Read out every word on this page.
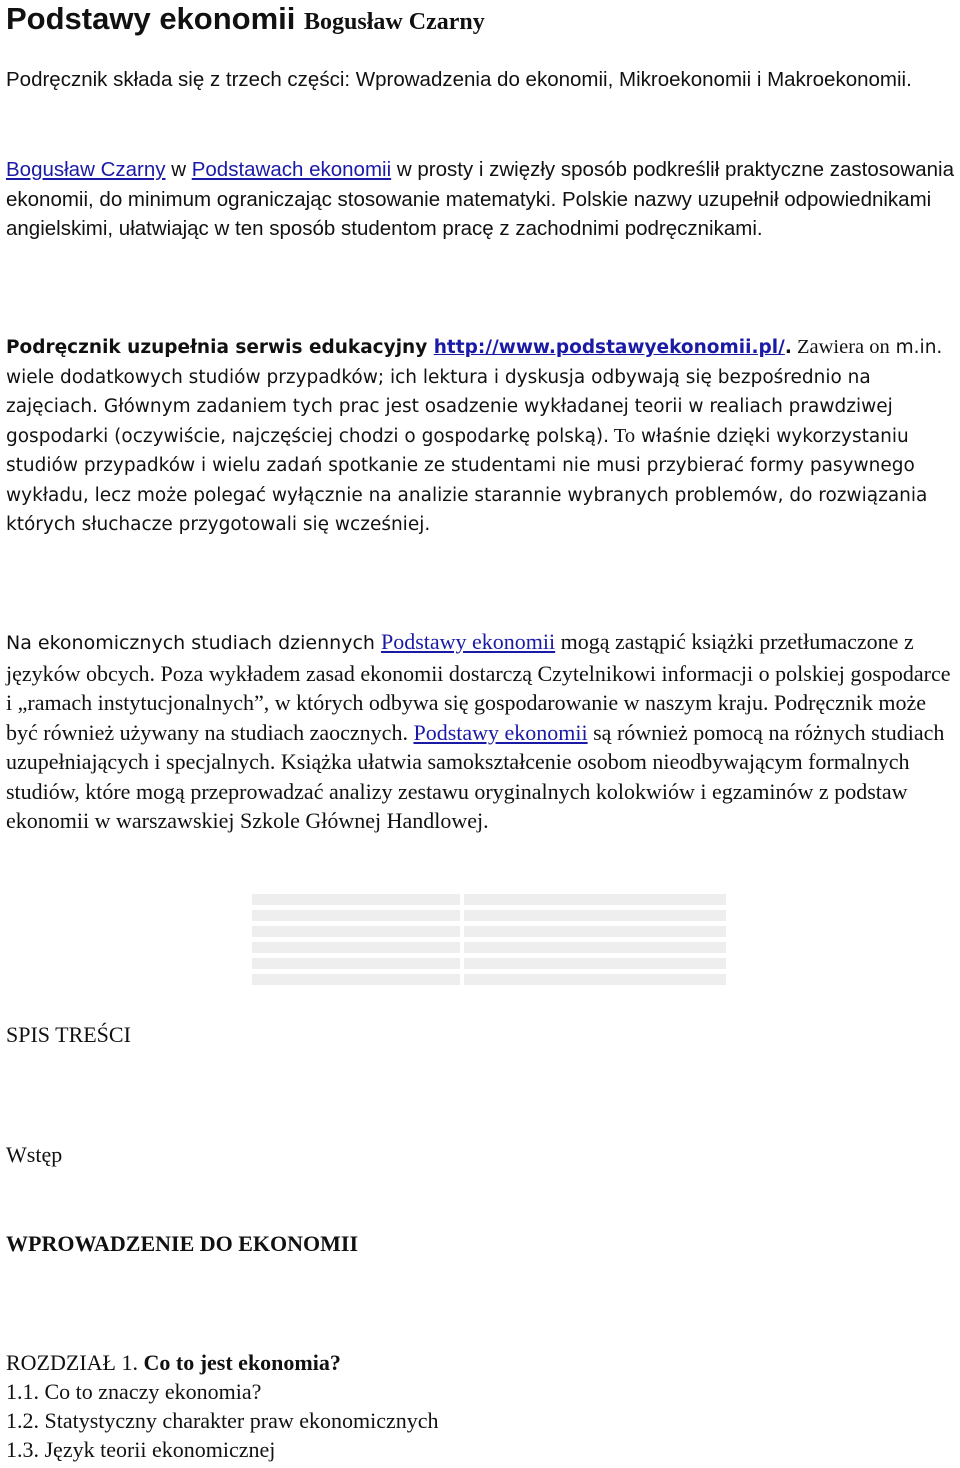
Podstawy ekonomii Bogusław Czarny

Podręcznik składa się z trzech części: Wprowadzenia do ekonomii, Mikroekonomii i Makroekonomii.

Bogusław Czarny w Podstawach ekonomii w prosty i zwięzły sposób podkreślił praktyczne zastosowania ekonomii, do minimum ograniczając stosowanie matematyki. Polskie nazwy uzupełnił odpowiednikami angielskimi, ułatwiając w ten sposób studentom pracę z zachodnimi podręcznikami.

Podręcznik uzupełnia serwis edukacyjny http://www.podstawyekonomii.pl/. Zawiera on m.in. wiele dodatkowych studiów przypadków; ich lektura i dyskusja odbywają się bezpośrednio na zajęciach. Głównym zadaniem tych prac jest osadzenie wykładanej teorii w realiach prawdziwej gospodarki (oczywiście, najczęściej chodzi o gospodarkę polską). To właśnie dzięki wykorzystaniu studiów przypadków i wielu zadań spotkanie ze studentami nie musi przybierać formy pasywnego wykładu, lecz może polegać wyłącznie na analizie starannie wybranych problemów, do rozwiązania których słuchacze przygotowali się wcześniej.

Na ekonomicznych studiach dziennych Podstawy ekonomii mogą zastąpić książki przetłumaczone z języków obcych. Poza wykładem zasad ekonomii dostarczą Czytelnikowi informacji o polskiej gospodarce i „ramach instytucjonalnych”, w których odbywa się gospodarowanie w naszym kraju. Podręcznik może być również używany na studiach zaocznych. Podstawy ekonomii są również pomocą na różnych studiach uzupełniających i specjalnych. Książka ułatwia samokształcenie osobom nieodbywającym formalnych studiów, które mogą przeprowadzać analizy zestawu oryginalnych kolokwiów i egzaminów z podstaw ekonomii w warszawskiej Szkole Głównej Handlowej.

SPIS TREŚCI

Wstęp

WPROWADZENIE DO EKONOMII

ROZDZIAŁ 1. Co to jest ekonomia?
1.1. Co to znaczy ekonomia?
1.2. Statystyczny charakter praw ekonomicznych
1.3. Język teorii ekonomicznej
